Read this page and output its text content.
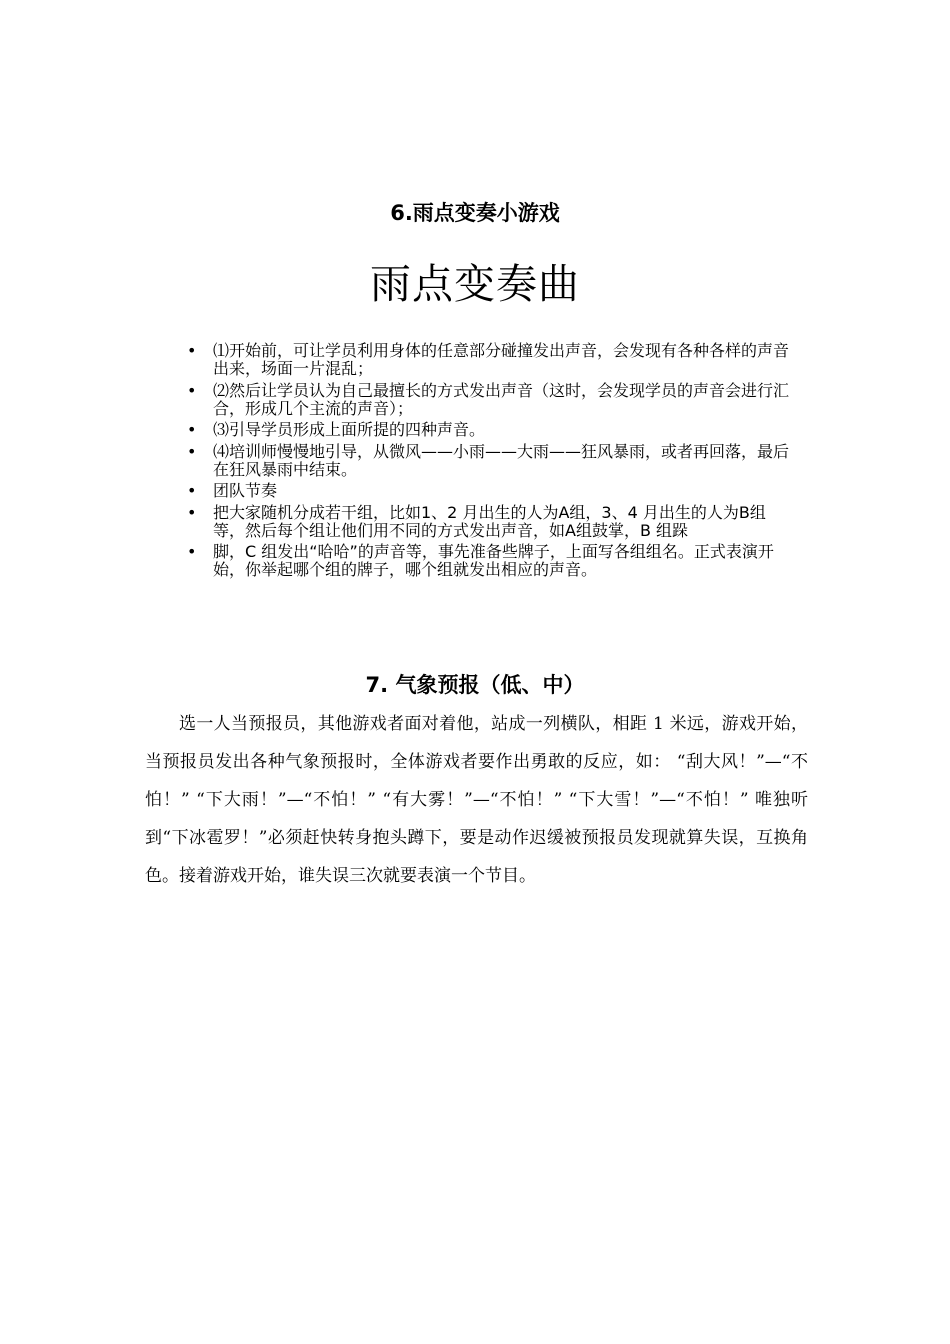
6.雨点变奏小游戏
雨点变奏曲
• ⑴开始前，可让学员利用身体的任意部分碰撞发出声音，会发现有各种各样的声音出来，场面一片混乱；
• ⑵然后让学员认为自己最擅长的方式发出声音（这时，会发现学员的声音会进行汇合，形成几个主流的声音）；
• ⑶引导学员形成上面所提的四种声音。
• ⑷培训师慢慢地引导，从微风——小雨——大雨——狂风暴雨，或者再回落，最后在狂风暴雨中结束。
• 团队节奏
• 把大家随机分成若干组，比如1、2 月出生的人为A组，3、4 月出生的人为B组等，然后每个组让他们用不同的方式发出声音，如A组鼓掌，B 组跺
• 脚，C 组发出“哈哈”的声音等，事先准备些牌子，上面写各组组名。正式表演开始，你举起哪个组的牌子，哪个组就发出相应的声音。
7. 气象预报（低、中）

选一人当预报员，其他游戏者面对着他，站成一列横队，相距 1 米远，游戏开始，当预报员发出各种气象预报时，全体游戏者要作出勇敢的反应，如： “刮大风！”—“不怕！” “下大雨！”—“不怕！” “有大雾！”—“不怕！” “下大雪！”—“不怕！” 唯独听到“下冰雹罗！”必须赶快转身抱头蹲下，要是动作迟缓被预报员发现就算失误，互换角色。接着游戏开始，谁失误三次就要表演一个节目。
